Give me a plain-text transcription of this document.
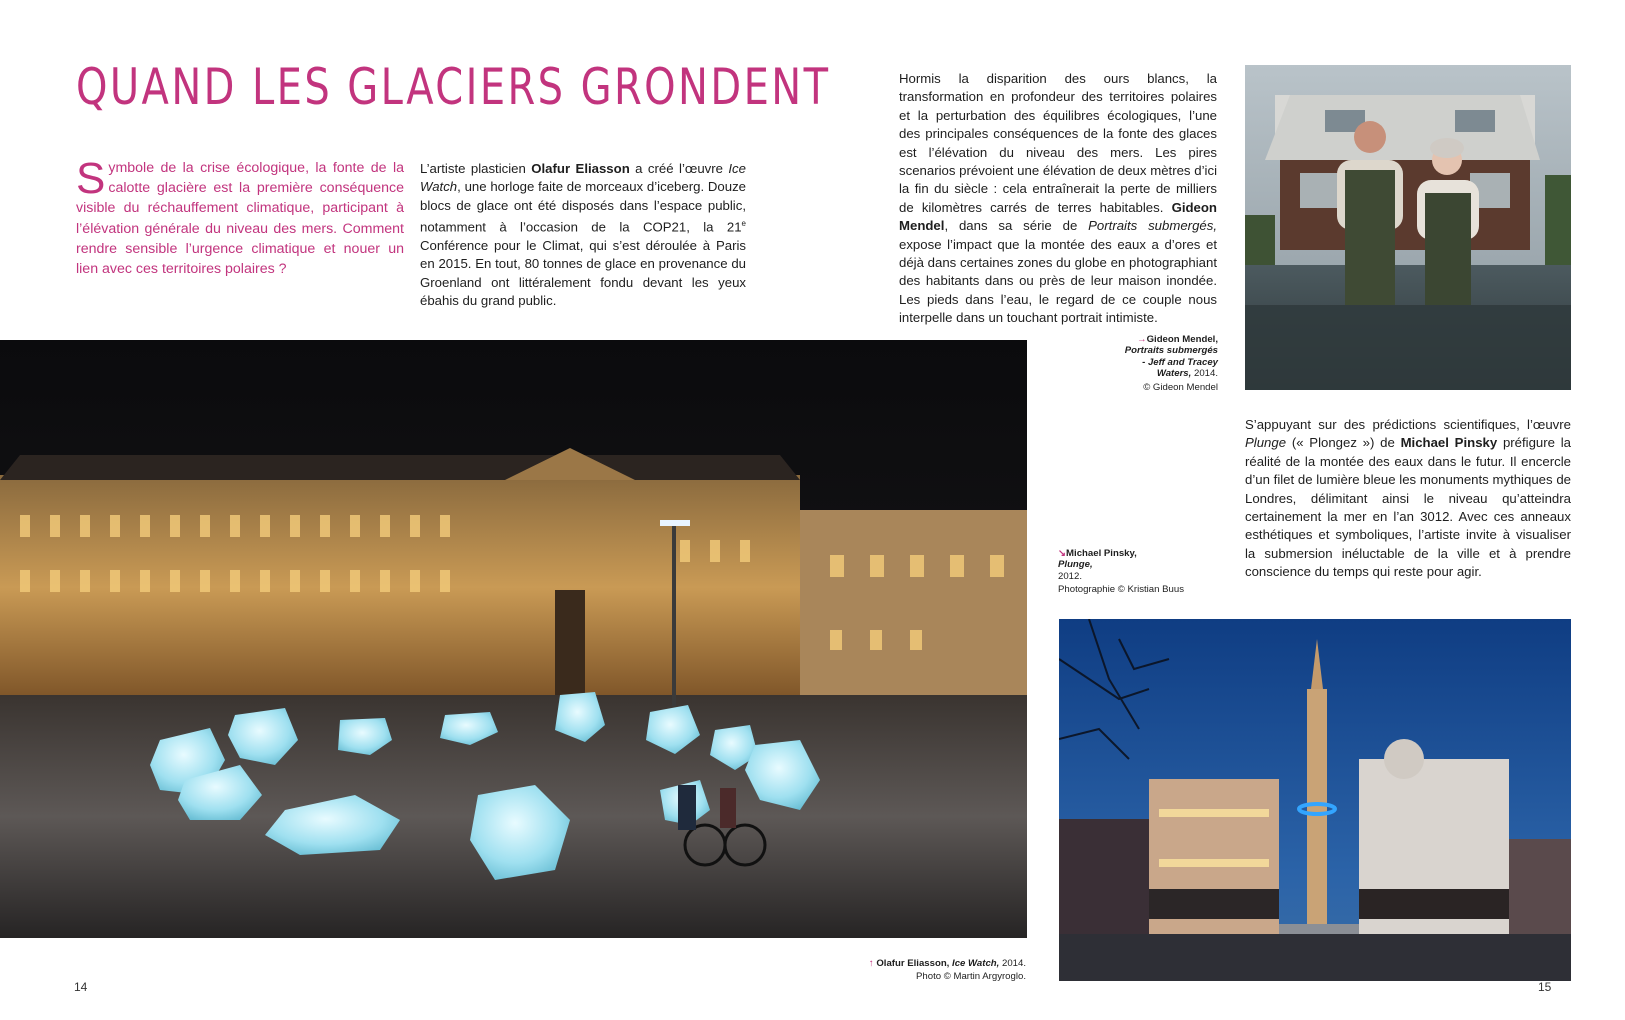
QUAND LES GLACIERS GRONDENT
Symbole de la crise écologique, la fonte de la calotte glacière est la première conséquence visible du réchauffement climatique, participant à l’élévation générale du niveau des mers. Comment rendre sensible l’urgence climatique et nouer un lien avec ces territoires polaires ?
L’artiste plasticien Olafur Eliasson a créé l’œuvre Ice Watch, une horloge faite de morceaux d’iceberg. Douze blocs de glace ont été disposés dans l’espace public, notamment à l’occasion de la COP21, la 21e Conférence pour le Climat, qui s’est déroulée à Paris en 2015. En tout, 80 tonnes de glace en provenance du Groenland ont littéralement fondu devant les yeux ébahis du grand public.
Hormis la disparition des ours blancs, la transformation en profondeur des territoires polaires et la perturbation des équilibres écologiques, l’une des principales conséquences de la fonte des glaces est l’élévation du niveau des mers. Les pires scenarios prévoient une élévation de deux mètres d’ici la fin du siècle : cela entraînerait la perte de milliers de kilomètres carrés de terres habitables. Gideon Mendel, dans sa série de Portraits submergés, expose l’impact que la montée des eaux a d’ores et déjà dans certaines zones du globe en photographiant des habitants dans ou près de leur maison inondée. Les pieds dans l’eau, le regard de ce couple nous interpelle dans un touchant portrait intimiste.
→Gideon Mendel,
Portraits submergés
- Jeff and Tracey
Waters, 2014.
© Gideon Mendel
S’appuyant sur des prédictions scientifiques, l’œuvre Plunge (« Plongez ») de Michael Pinsky préfigure la réalité de la montée des eaux dans le futur. Il encercle d’un filet de lumière bleue les monuments mythiques de Londres, délimitant ainsi le niveau qu’atteindra certainement la mer en l’an 3012. Avec ces anneaux esthétiques et symboliques, l’artiste invite à visualiser la submersion inéluctable de la ville et à prendre conscience du temps qui reste pour agir.
↘Michael Pinsky,
Plunge,
2012.
Photographie © Kristian Buus
↑ Olafur Eliasson, Ice Watch, 2014.
Photo © Martin Argyroglo.
14	15
